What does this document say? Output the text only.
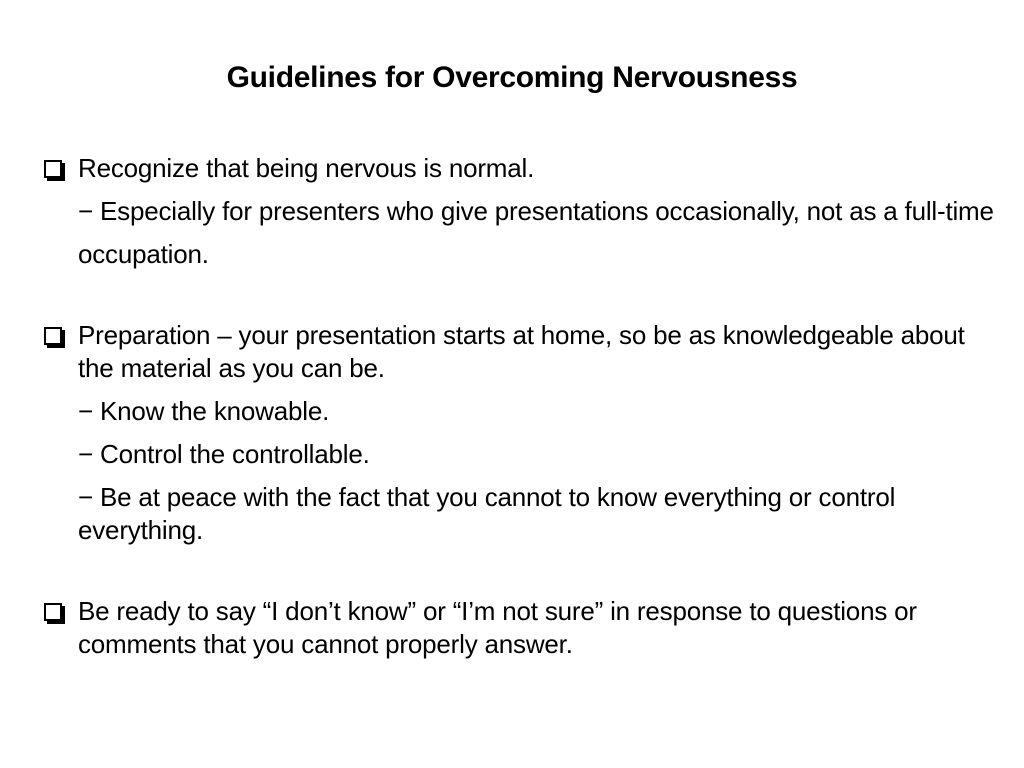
Guidelines for Overcoming Nervousness
Recognize that being nervous is normal.
− Especially for presenters who give presentations occasionally, not as a full-time
occupation.
Preparation – your presentation starts at home, so be as knowledgeable about the material as you can be.
− Know the knowable.
− Control the controllable.
− Be at peace with the fact that you cannot to know everything or control everything.
Be ready to say “I don’t know” or “I’m not sure” in response to questions or comments that you cannot properly answer.
